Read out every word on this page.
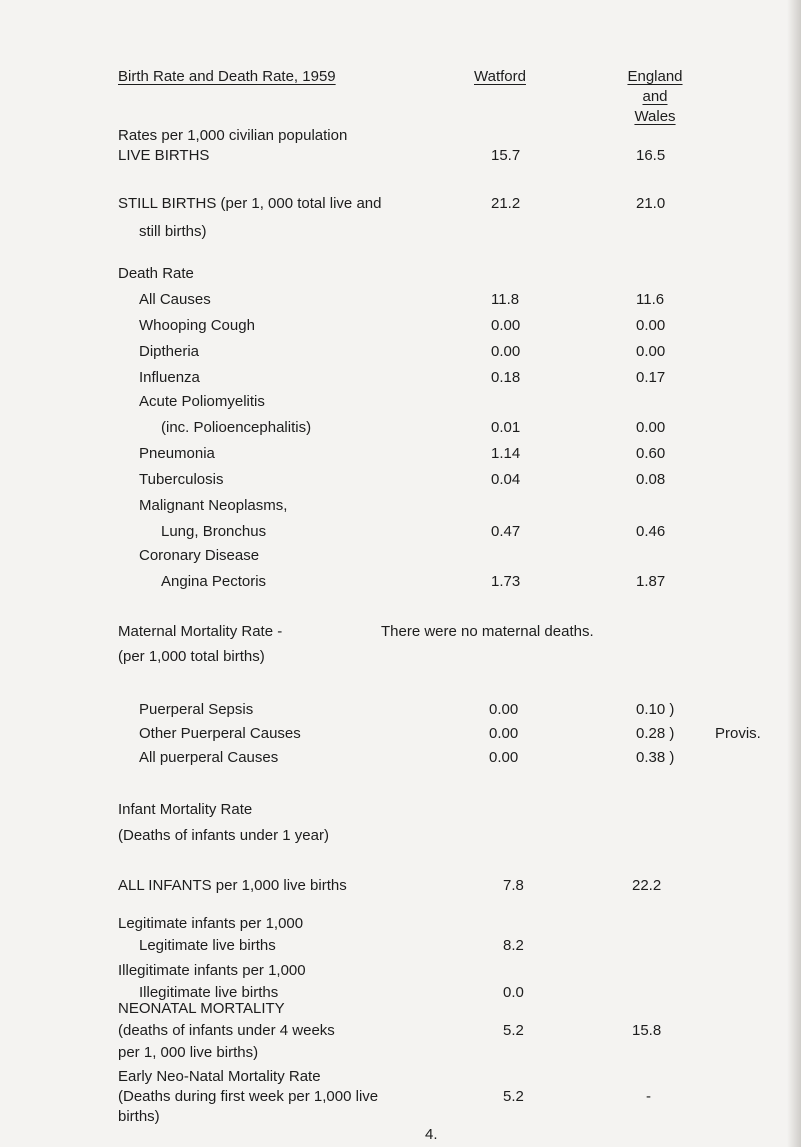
Birth Rate and Death Rate, 1959	Watford	England
and
Wales
Rates per 1,000 civilian population
LIVE BIRTHS	15.7	16.5
STILL BIRTHS (per 1, 000 total live and
still births)
21.2	21.0
Death Rate
All Causes	11.8	11.6
Whooping Cough	0.00	0.00
Diptheria	0.00	0.00
Influenza	0.18	0.17
Acute Poliomyelitis
(inc. Polioencephalitis)	0.01	0.00
Pneumonia	1.14	0.60
Tuberculosis	0.04	0.08
Malignant Neoplasms,
Lung, Bronchus	0.47	0.46
Coronary Disease
Angina Pectoris	1.73	1.87
Maternal Mortality Rate -
(per 1,000 total births)
There were no maternal deaths.
Puerperal Sepsis	0.00	0.10 )
Other Puerperal Causes	0.00	0.28 )	Provis.
All puerperal Causes	0.00	0.38 )
Infant Mortality Rate
(Deaths of infants under 1 year)
ALL INFANTS per 1,000 live births	7.8	22.2
Legitimate infants per 1,000
Legitimate live births	8.2
Illegitimate infants per 1,000
Illegitimate live births	0.0
NEONATAL MORTALITY
(deaths of infants under 4 weeks
per 1, 000 live births)
5.2	15.8
Early Neo-Natal Mortality Rate
(Deaths during first week per 1,000 live
births)
5.2	-
4.
